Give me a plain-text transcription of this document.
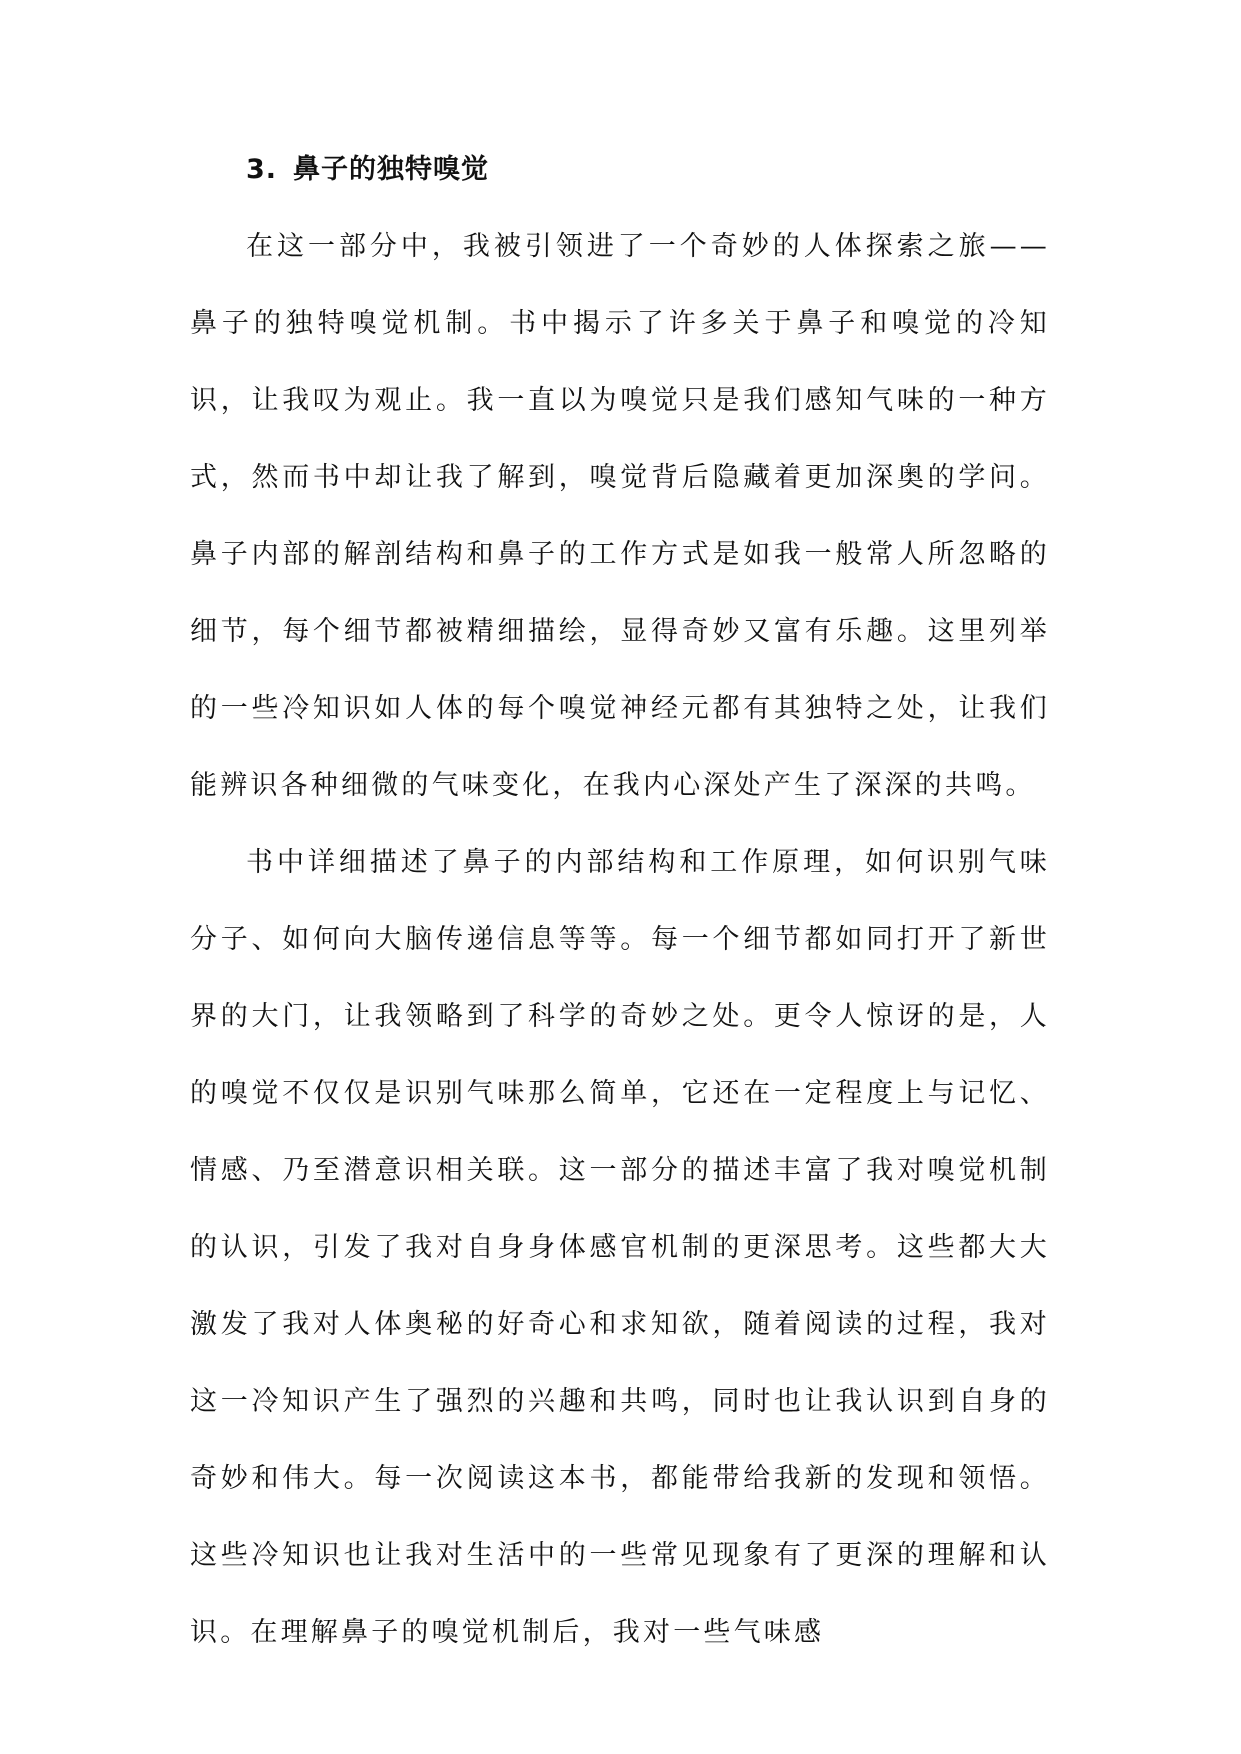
3. 鼻子的独特嗅觉

在这一部分中，我被引领进了一个奇妙的人体探索之旅——鼻子的独特嗅觉机制。书中揭示了许多关于鼻子和嗅觉的冷知识，让我叹为观止。我一直以为嗅觉只是我们感知气味的一种方式，然而书中却让我了解到，嗅觉背后隐藏着更加深奥的学问。鼻子内部的解剖结构和鼻子的工作方式是如我一般常人所忽略的细节，每个细节都被精细描绘，显得奇妙又富有乐趣。这里列举的一些冷知识如人体的每个嗅觉神经元都有其独特之处，让我们能辨识各种细微的气味变化，在我内心深处产生了深深的共鸣。

书中详细描述了鼻子的内部结构和工作原理，如何识别气味分子、如何向大脑传递信息等等。每一个细节都如同打开了新世界的大门，让我领略到了科学的奇妙之处。更令人惊讶的是，人的嗅觉不仅仅是识别气味那么简单，它还在一定程度上与记忆、情感、乃至潜意识相关联。这一部分的描述丰富了我对嗅觉机制的认识，引发了我对自身身体感官机制的更深思考。这些都大大激发了我对人体奥秘的好奇心和求知欲，随着阅读的过程，我对这一冷知识产生了强烈的兴趣和共鸣，同时也让我认识到自身的奇妙和伟大。每一次阅读这本书，都能带给我新的发现和领悟。这些冷知识也让我对生活中的一些常见现象有了更深的理解和认识。在理解鼻子的嗅觉机制后，我对一些气味感
